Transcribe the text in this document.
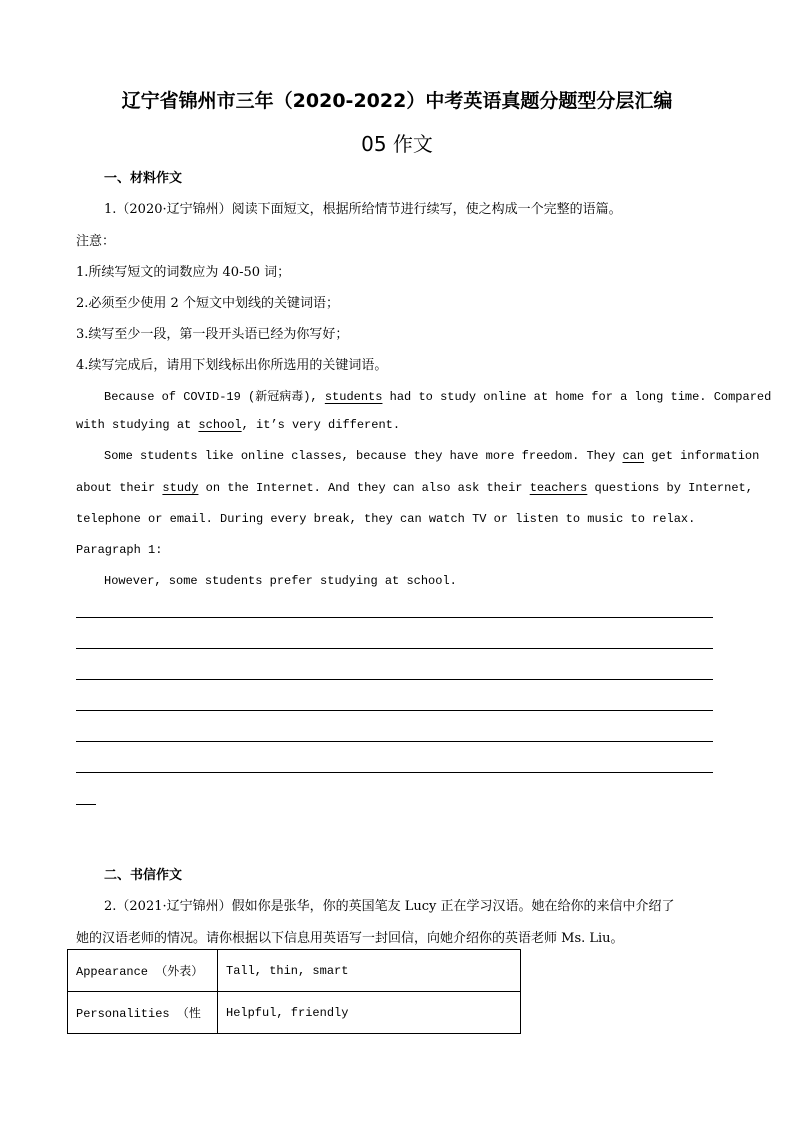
辽宁省锦州市三年（2020-2022）中考英语真题分题型分层汇编
05 作文
一、材料作文
1.（2020·辽宁锦州）阅读下面短文，根据所给情节进行续写，使之构成一个完整的语篇。
注意：
1.所续写短文的词数应为 40-50 词；
2.必须至少使用 2 个短文中划线的关键词语；
3.续写至少一段，第一段开头语已经为你写好；
4.续写完成后，请用下划线标出你所选用的关键词语。
Because of COVID-19 (新冠病毒), students had to study online at home for a long time. Compared
with studying at school, it’s very different.
Some students like online classes, because they have more freedom. They can get information
about their study on the Internet. And they can also ask their teachers questions by Internet,
telephone or email. During every break, they can watch TV or listen to music to relax.
Paragraph 1:
However, some students prefer studying at school.
二、书信作文
2.（2021·辽宁锦州）假如你是张华，你的英国笔友 Lucy 正在学习汉语。她在给你的来信中介绍了
她的汉语老师的情况。请你根据以下信息用英语写一封回信，向她介绍你的英语老师 Ms. Liu。
Appearance （外表）	Tall, thin, smart
Personalities （性	Helpful, friendly
